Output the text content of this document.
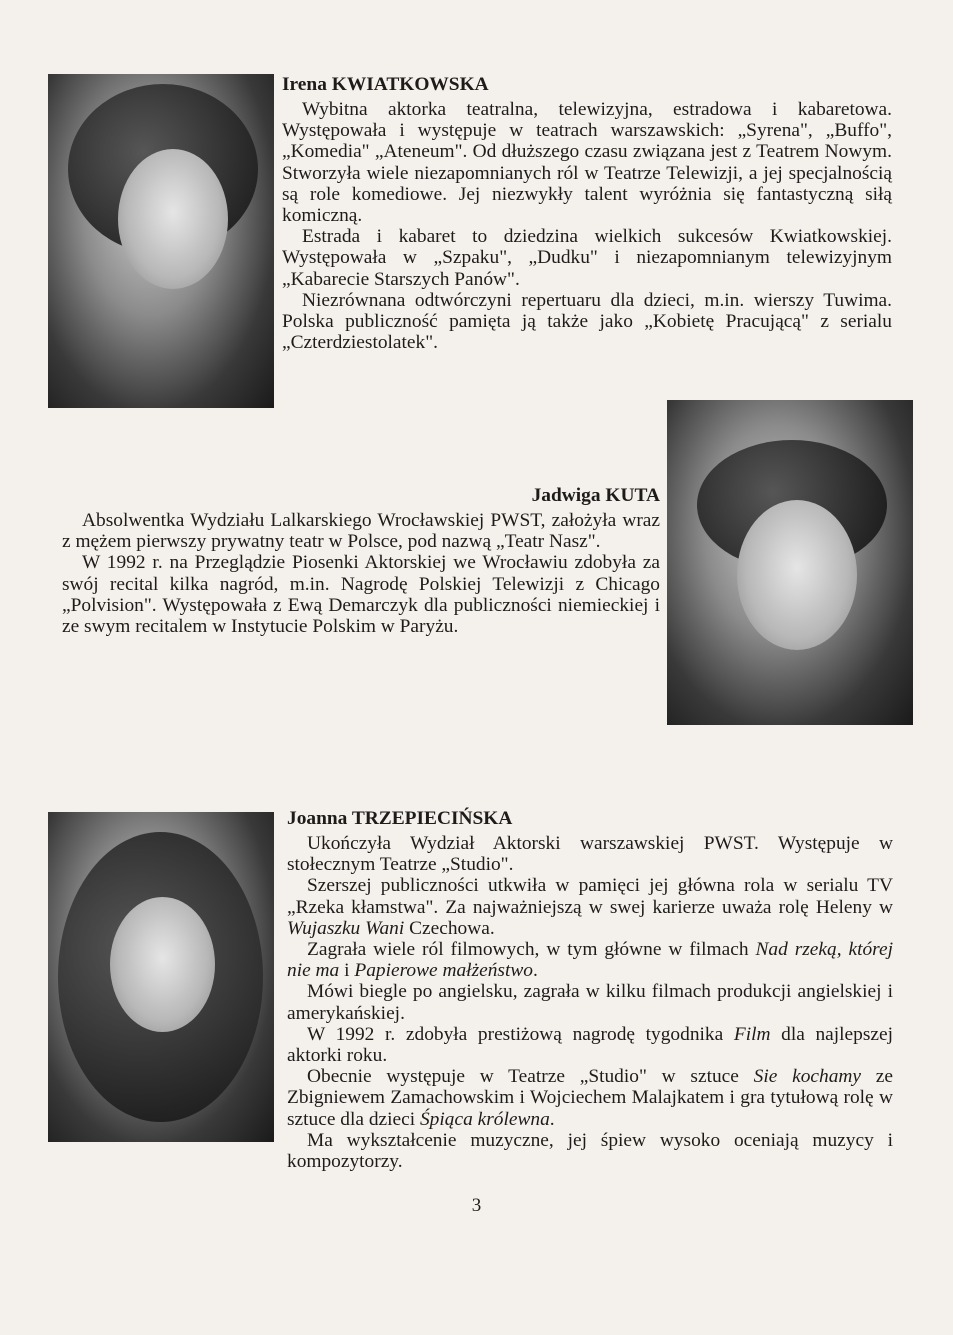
Irena KWIATKOWSKA

Wybitna aktorka teatralna, telewizyjna, estradowa i kabaretowa. Występowała i występuje w teatrach warszawskich: „Syrena", „Buffo", „Komedia" „Ateneum". Od dłuższego czasu związana jest z Teatrem Nowym. Stworzyła wiele niezapomnianych ról w Teatrze Telewizji, a jej specjalnością są role komediowe. Jej niezwykły talent wyróżnia się fantastyczną siłą komiczną.

Estrada i kabaret to dziedzina wielkich sukcesów Kwiatkowskiej. Występowała w „Szpaku", „Dudku" i niezapomnianym telewizyjnym „Kabarecie Starszych Panów".

Niezrównana odtwórczyni repertuaru dla dzieci, m.in. wierszy Tuwima. Polska publiczność pamięta ją także jako „Kobietę Pracującą" z serialu „Czterdziestolatek".

Jadwiga KUTA

Absolwentka Wydziału Lalkarskiego Wrocławskiej PWST, założyła wraz z mężem pierwszy prywatny teatr w Polsce, pod nazwą „Teatr Nasz".

W 1992 r. na Przeglądzie Piosenki Aktorskiej we Wrocławiu zdobyła za swój recital kilka nagród, m.in. Nagrodę Polskiej Telewizji z Chicago „Polvision". Występowała z Ewą Demarczyk dla publiczności niemieckiej i ze swym recitalem w Instytucie Polskim w Paryżu.

Joanna TRZEPIECIŃSKA

Ukończyła Wydział Aktorski warszawskiej PWST. Występuje w stołecznym Teatrze „Studio".

Szerszej publiczności utkwiła w pamięci jej główna rola w serialu TV „Rzeka kłamstwa". Za najważniejszą w swej karierze uważa rolę Heleny w Wujaszku Wani Czechowa.

Zagrała wiele ról filmowych, w tym główne w filmach Nad rzeką, której nie ma i Papierowe małżeństwo.

Mówi biegle po angielsku, zagrała w kilku filmach produkcji angielskiej i amerykańskiej.

W 1992 r. zdobyła prestiżową nagrodę tygodnika Film dla najlepszej aktorki roku.

Obecnie występuje w Teatrze „Studio" w sztuce Sie kochamy ze Zbigniewem Zamachowskim i Wojciechem Malajkatem i gra tytułową rolę w sztuce dla dzieci Śpiąca królewna.

Ma wykształcenie muzyczne, jej śpiew wysoko oceniają muzycy i kompozytorzy.

3
